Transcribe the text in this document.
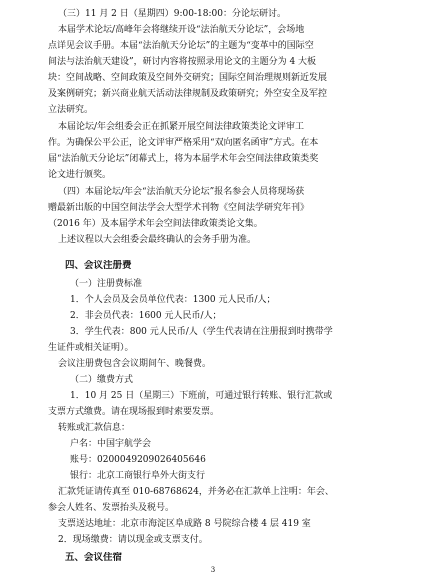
（三）11 月 2 日（星期四）9:00-18:00：分论坛研讨。
本届学术论坛/高峰年会将继续开设“法治航天分论坛”，会场地
点详见会议手册。本届“法治航天分论坛”的主题为“变革中的国际空
间法与法治航天建设”，研讨内容将按照录用论文的主题分为 4 大板
块：空间战略、空间政策及空间外交研究；国际空间治理规则新近发展
及案例研究；新兴商业航天活动法律规制及政策研究；外空安全及军控
立法研究。
本届论坛/年会组委会正在抓紧开展空间法律政策类论文评审工
作。为确保公平公正，论文评审严格采用“双向匿名函审”方式。在本
届“法治航天分论坛”闭幕式上，将为本届学术年会空间法律政策类奖
论文进行颁奖。
（四）本届论坛/年会“法治航天分论坛”报名参会人员将现场获
赠最新出版的中国空间法学会大型学术刊物《空间法学研究年刊》
（2016 年）及本届学术年会空间法律政策类论文集。
上述议程以大会组委会最终确认的会务手册为准。
四、会议注册费
（一）注册费标准
1．个人会员及会员单位代表：1300 元人民币/人；
2．非会员代表：1600 元人民币/人；
3．学生代表：800 元人民币/人（学生代表请在注册报到时携带学
生证件或相关证明）。
会议注册费包含会议期间午、晚餐费。
（二）缴费方式
1．10 月 25 日（星期三）下班前，可通过银行转账、银行汇款或
支票方式缴费。请在现场报到时索要发票。
转账或汇款信息：
户名：中国宇航学会
账号：0200049209026405646
银行：北京工商银行阜外大街支行
汇款凭证请传真至 010-68768624，并务必在汇款单上注明：年会、
参会人姓名、发票抬头及税号。
支票送达地址：北京市海淀区阜成路 8 号院综合楼 4 层 419 室
2．现场缴费：请以现金或支票支付。
五、会议住宿
3
